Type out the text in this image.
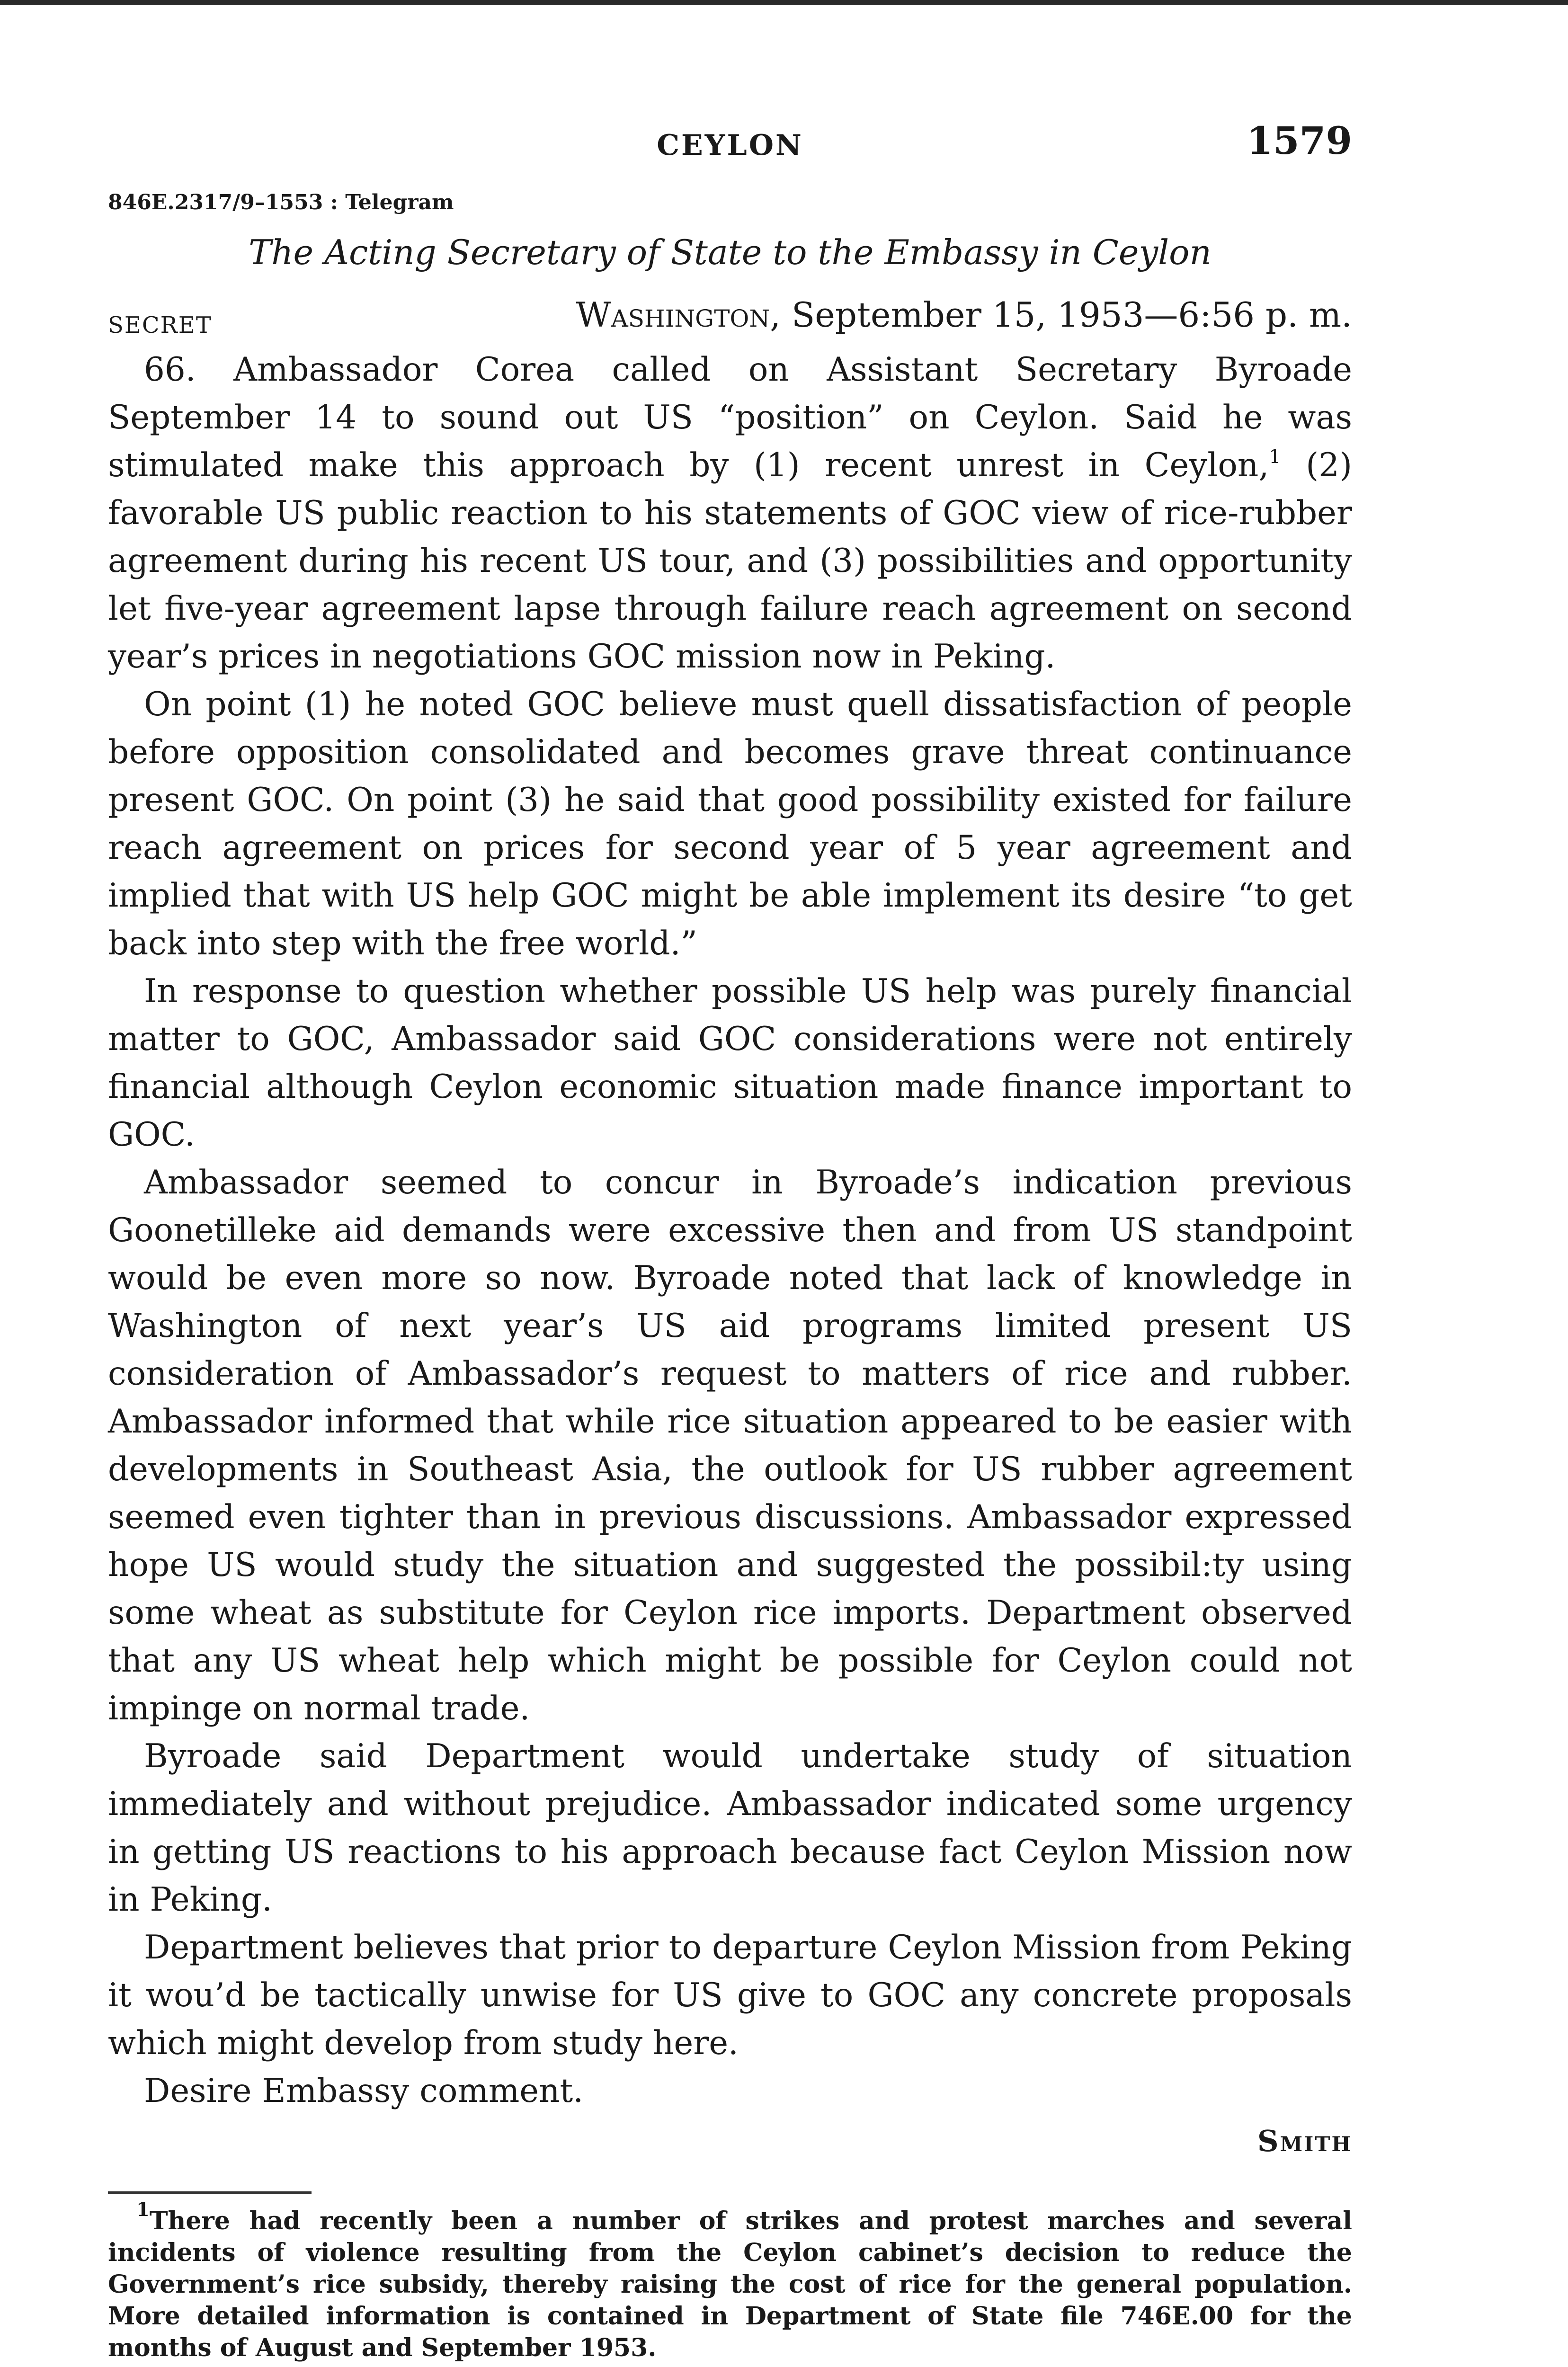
CEYLON	1579
846E.2317/9–1553 : Telegram
The Acting Secretary of State to the Embassy in Ceylon
SECRET	Washington, September 15, 1953—6:56 p. m.

66. Ambassador Corea called on Assistant Secretary Byroade September 14 to sound out US “position” on Ceylon. Said he was stimulated make this approach by (1) recent unrest in Ceylon,$^1$ (2) favorable US public reaction to his statements of GOC view of rice-rubber agreement during his recent US tour, and (3) possibilities and opportunity let five-year agreement lapse through failure reach agreement on second year’s prices in negotiations GOC mission now in Peking.

On point (1) he noted GOC believe must quell dissatisfaction of people before opposition consolidated and becomes grave threat continuance present GOC. On point (3) he said that good possibility existed for failure reach agreement on prices for second year of 5 year agreement and implied that with US help GOC might be able implement its desire “to get back into step with the free world.”

In response to question whether possible US help was purely financial matter to GOC, Ambassador said GOC considerations were not entirely financial although Ceylon economic situation made finance important to GOC.

Ambassador seemed to concur in Byroade’s indication previous Goonetilleke aid demands were excessive then and from US standpoint would be even more so now. Byroade noted that lack of knowledge in Washington of next year’s US aid programs limited present US consideration of Ambassador’s request to matters of rice and rubber. Ambassador informed that while rice situation appeared to be easier with developments in Southeast Asia, the outlook for US rubber agreement seemed even tighter than in previous discussions. Ambassador expressed hope US would study the situation and suggested the possibil:ty using some wheat as substitute for Ceylon rice imports. Department observed that any US wheat help which might be possible for Ceylon could not impinge on normal trade.

Byroade said Department would undertake study of situation immediately and without prejudice. Ambassador indicated some urgency in getting US reactions to his approach because fact Ceylon Mission now in Peking.

Department believes that prior to departure Ceylon Mission from Peking it wou’d be tactically unwise for US give to GOC any concrete proposals which might develop from study here.

Desire Embassy comment.

Smith
$^1$There had recently been a number of strikes and protest marches and several incidents of violence resulting from the Ceylon cabinet’s decision to reduce the Government’s rice subsidy, thereby raising the cost of rice for the general population. More detailed information is contained in Department of State file 746E.00 for the months of August and September 1953.
